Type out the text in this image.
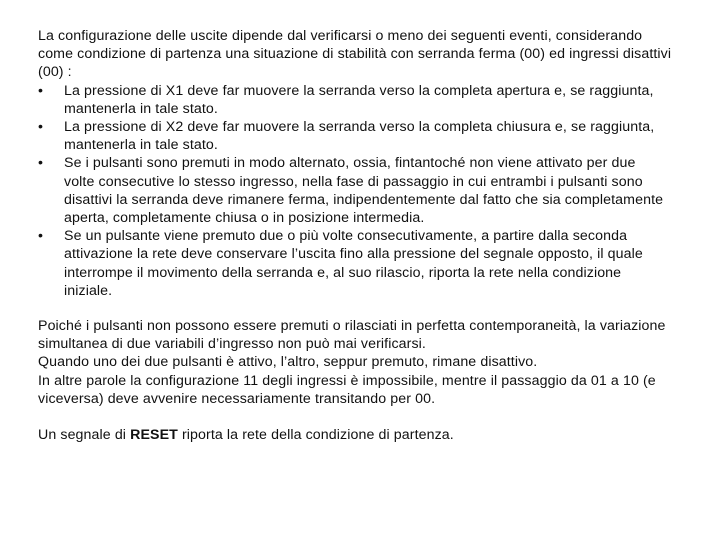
La configurazione delle uscite dipende dal verificarsi o meno dei seguenti eventi, considerando come condizione di partenza una situazione di stabilità con serranda ferma (00) ed ingressi disattivi (00) :

•	La pressione di X1 deve far muovere la serranda verso la completa apertura e, se raggiunta, mantenerla in tale stato.
•	La pressione di X2 deve far muovere la serranda verso la completa chiusura e, se raggiunta, mantenerla in tale stato.
•	Se i pulsanti sono premuti in modo alternato, ossia, fintantoché non viene attivato per due volte consecutive lo stesso ingresso, nella fase di passaggio in cui entrambi i pulsanti sono disattivi la serranda deve rimanere ferma, indipendentemente dal fatto che sia completamente aperta, completamente chiusa o in posizione intermedia.
•	Se un pulsante viene premuto due o più volte consecutivamente, a partire dalla seconda attivazione la rete deve conservare l’uscita fino alla pressione del segnale opposto, il quale interrompe il movimento della serranda e, al suo rilascio, riporta la rete nella condizione iniziale.

Poiché i pulsanti non possono essere premuti o rilasciati in perfetta contemporaneità, la variazione simultanea di due variabili d’ingresso non può mai verificarsi.

Quando uno dei due pulsanti è attivo, l’altro, seppur premuto, rimane disattivo.

In altre parole la configurazione 11 degli ingressi è impossibile, mentre il passaggio da 01 a 10 (e viceversa) deve avvenire necessariamente transitando per 00.

Un segnale di RESET riporta la rete della condizione di partenza.
